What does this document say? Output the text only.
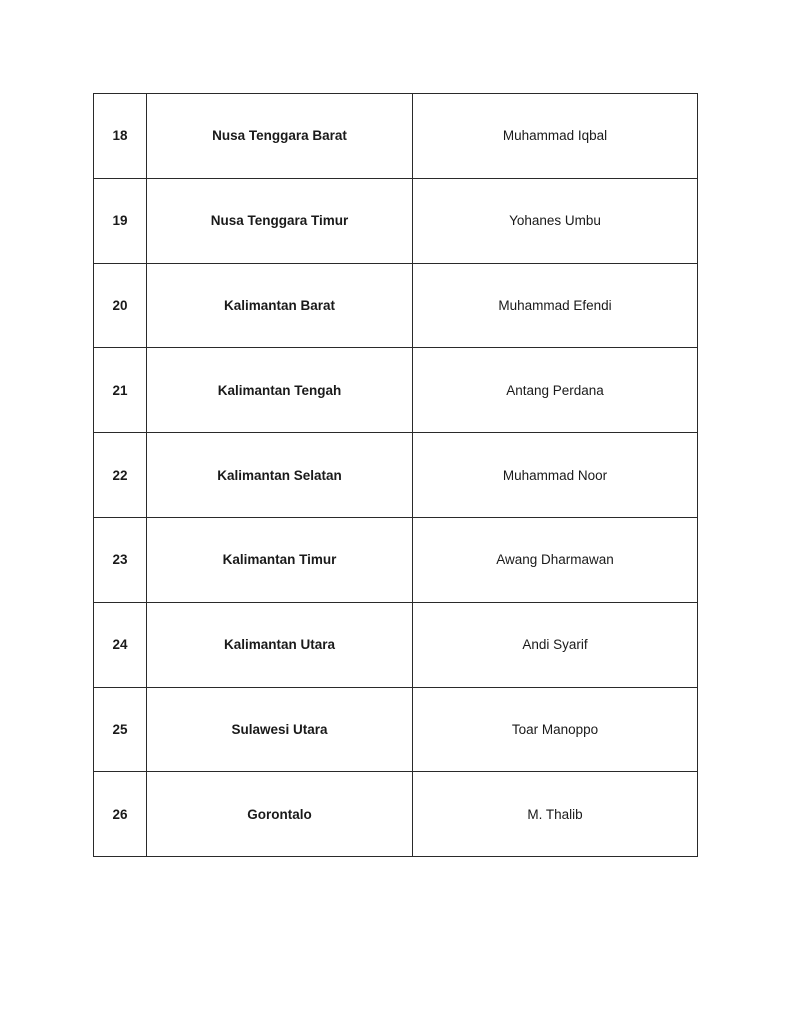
18	Nusa Tenggara Barat	Muhammad Iqbal
19	Nusa Tenggara Timur	Yohanes Umbu
20	Kalimantan Barat	Muhammad Efendi
21	Kalimantan Tengah	Antang Perdana
22	Kalimantan Selatan	Muhammad Noor
23	Kalimantan Timur	Awang Dharmawan
24	Kalimantan Utara	Andi Syarif
25	Sulawesi Utara	Toar Manoppo
26	Gorontalo	M. Thalib
